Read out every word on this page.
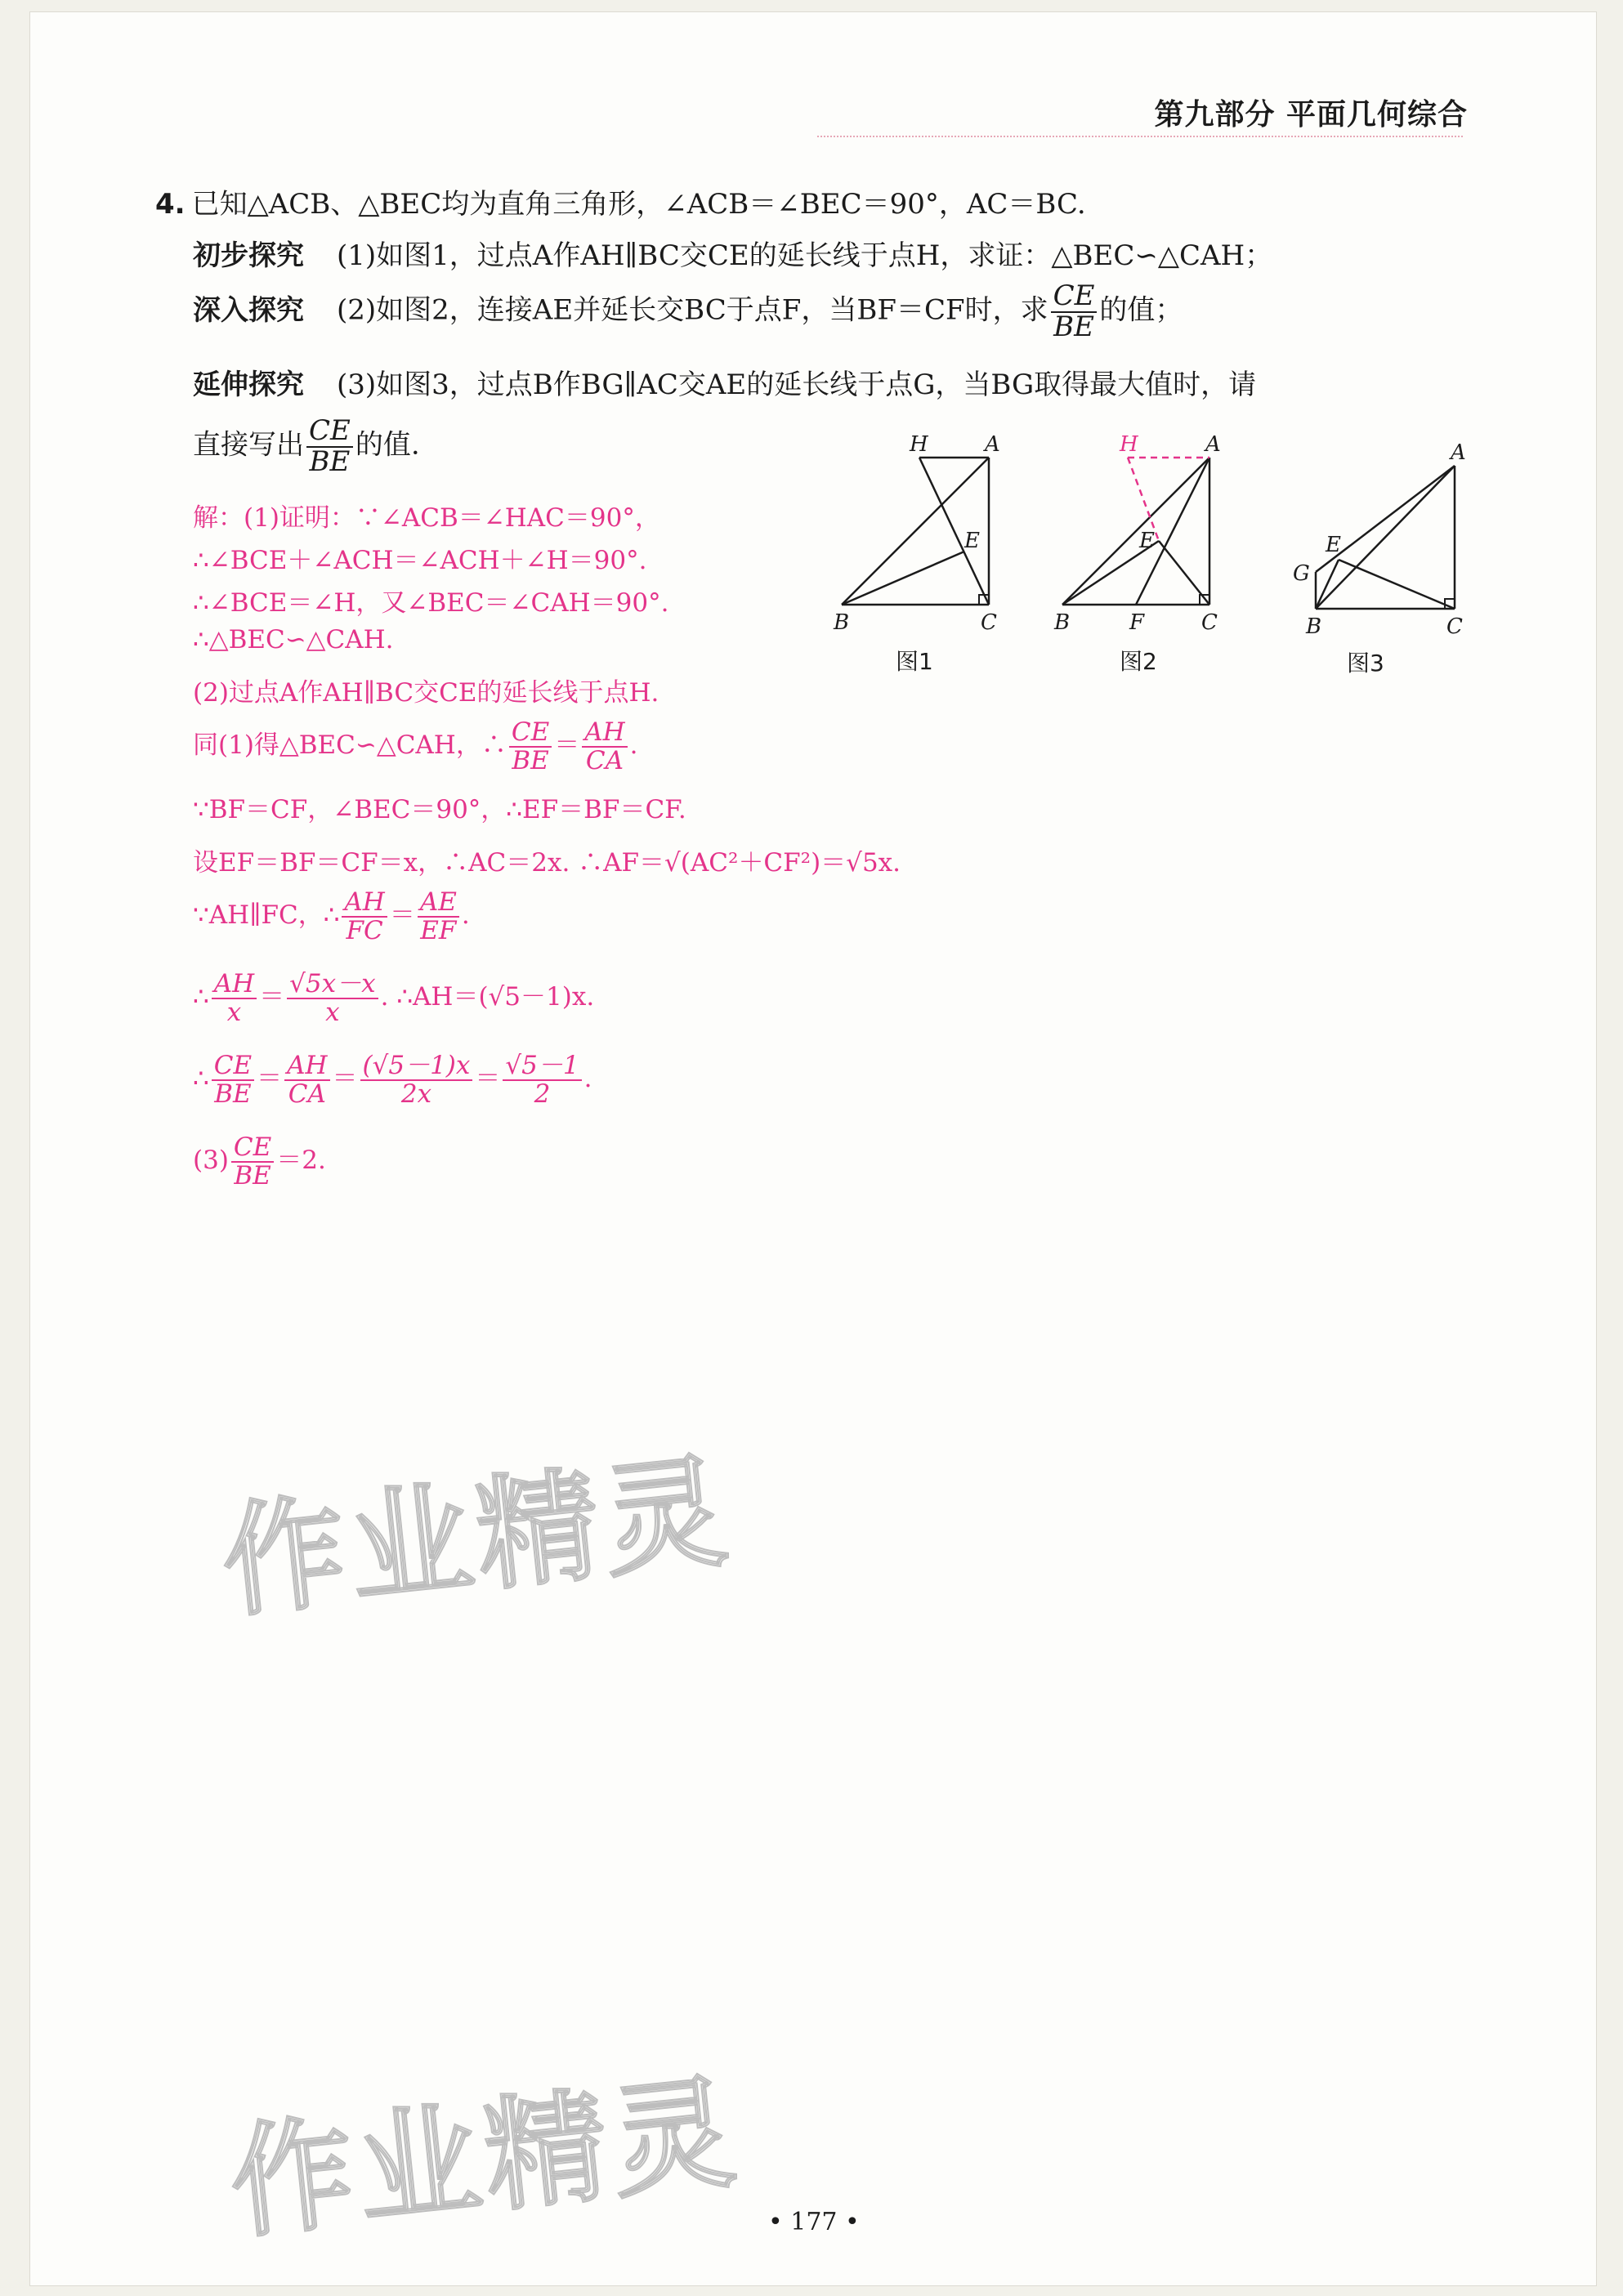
第九部分 平面几何综合
4. 已知△ACB、△BEC均为直角三角形，∠ACB＝∠BEC＝90°，AC＝BC.
初步探究 (1)如图1，过点A作AH∥BC交CE的延长线于点H，求证：△BEC∽△CAH；
深入探究 (2)如图2，连接AE并延长交BC于点F，当BF＝CF时，求 $\frac{CE}{BE}$ 的值；
延伸探究 (3)如图3，过点B作BG∥AC交AE的延长线于点G，当BG取得最大值时，请
直接写出 $\frac{CE}{BE}$ 的值.
解：(1)证明：∵∠ACB＝∠HAC＝90°，
∴∠BCE＋∠ACH＝∠ACH＋∠H＝90°.
∴∠BCE＝∠H，又∠BEC＝∠CAH＝90°.
∴△BEC∽△CAH.
(2)过点A作AH∥BC交CE的延长线于点H.
同(1)得△BEC∽△CAH，∴ $\frac{CE}{BE} = \frac{AH}{CA}$ .
∵BF＝CF，∠BEC＝90°，∴EF＝BF＝CF.
设EF＝BF＝CF＝x，∴AC＝2x. ∴AF＝√(AC²＋CF²)＝√5x.
∵AH∥FC，∴ $\frac{AH}{FC} = \frac{AE}{EF}$ .
∴ $\frac{AH}{x} = \frac{√5x-x}{x}$ . ∴AH＝(√5－1)x.
∴ $\frac{CE}{BE} = \frac{AH}{CA} = \frac{(√5-1)x}{2x} = \frac{√5-1}{2}$ .
$(3) \frac{CE}{BE} =2$.
H	A
E
B	C
图1
H	A
E
B	F	C
图2
A
E
G
B	C
图3
作业精灵
作业精灵 • 177 •
